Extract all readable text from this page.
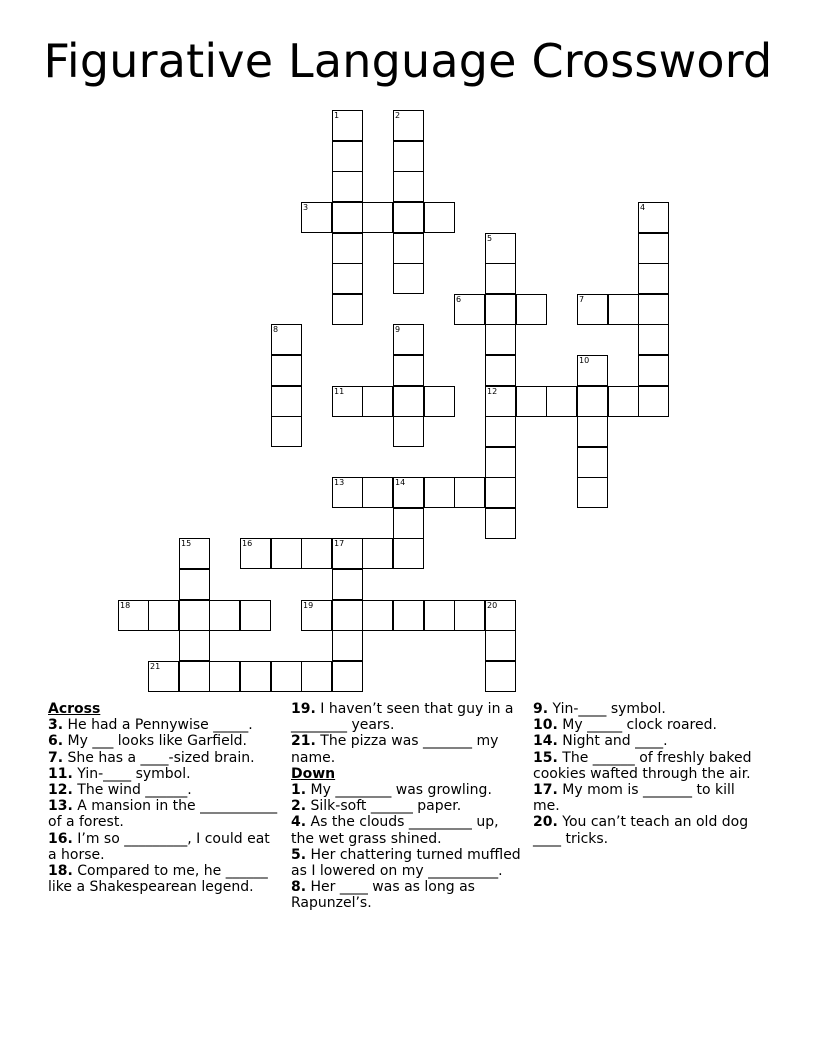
Figurative Language Crossword
1	2
3	4
5
12
6	7
8	9
10
11
13	14
15	16	17
18	19	20
21
Across
3. He had a Pennywise _____.
6. My ___ looks like Garfield.
7. She has a ____-sized brain.
11. Yin-____ symbol.
12. The wind ______.
13. A mansion in the ___________ of a forest.
16. I’m so _________, I could eat a horse.
18. Compared to me, he ______ like a Shakespearean legend.
19. I haven’t seen that guy in a ________ years.
21. The pizza was _______ my name.
Down
1. My ________ was growling.
2. Silk-soft ______ paper.
4. As the clouds _________ up, the wet grass shined.
5. Her chattering turned muffled as I lowered on my __________.
8. Her ____ was as long as Rapunzel’s.
9. Yin-____ symbol.
10. My _____ clock roared.
14. Night and ____.
15. The ______ of freshly baked cookies wafted through the air.
17. My mom is _______ to kill me.
20. You can’t teach an old dog ____ tricks.
